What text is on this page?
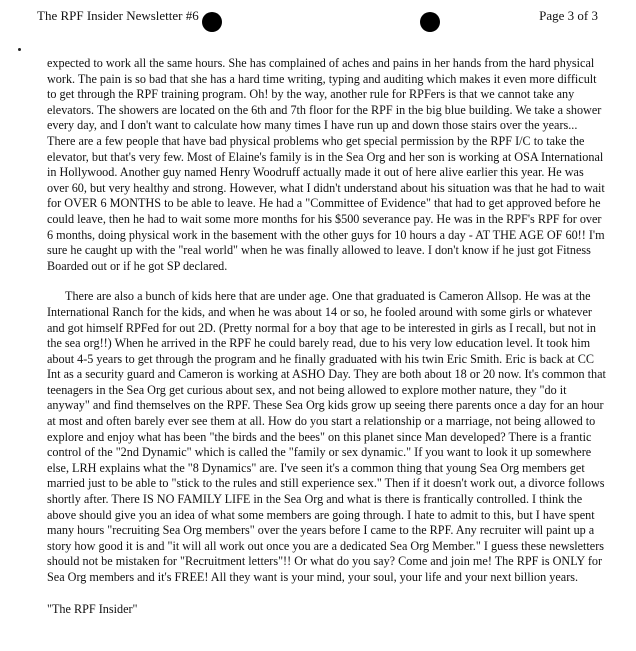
The RPF Insider Newsletter #6	Page 3 of 3

expected to work all the same hours. She has complained of aches and pains in her hands from the hard physical work. The pain is so bad that she has a hard time writing, typing and auditing which makes it even more difficult to get through the RPF training program. Oh! by the way, another rule for RPFers is that we cannot take any elevators. The showers are located on the 6th and 7th floor for the RPF in the big blue building. We take a shower every day, and I don't want to calculate how many times I have run up and down those stairs over the years... There are a few people that have bad physical problems who get special permission by the RPF I/C to take the elevator, but that's very few. Most of Elaine's family is in the Sea Org and her son is working at OSA International in Hollywood. Another guy named Henry Woodruff actually made it out of here alive earlier this year. He was over 60, but very healthy and strong. However, what I didn't understand about his situation was that he had to wait for OVER 6 MONTHS to be able to leave. He had a "Committee of Evidence" that had to get approved before he could leave, then he had to wait some more months for his $500 severance pay. He was in the RPF's RPF for over 6 months, doing physical work in the basement with the other guys for 10 hours a day - AT THE AGE OF 60!! I'm sure he caught up with the "real world" when he was finally allowed to leave. I don't know if he just got Fitness Boarded out or if he got SP declared.

There are also a bunch of kids here that are under age. One that graduated is Cameron Allsop. He was at the International Ranch for the kids, and when he was about 14 or so, he fooled around with some girls or whatever and got himself RPFed for out 2D. (Pretty normal for a boy that age to be interested in girls as I recall, but not in the sea org!!) When he arrived in the RPF he could barely read, due to his very low education level. It took him about 4-5 years to get through the program and he finally graduated with his twin Eric Smith. Eric is back at CC Int as a security guard and Cameron is working at ASHO Day. They are both about 18 or 20 now. It's common that teenagers in the Sea Org get curious about sex, and not being allowed to explore mother nature, they "do it anyway" and find themselves on the RPF. These Sea Org kids grow up seeing there parents once a day for an hour at most and often barely ever see them at all. How do you start a relationship or a marriage, not being allowed to explore and enjoy what has been "the birds and the bees" on this planet since Man developed? There is a frantic control of the "2nd Dynamic" which is called the "family or sex dynamic." If you want to look it up somewhere else, LRH explains what the "8 Dynamics" are. I've seen it's a common thing that young Sea Org members get married just to be able to "stick to the rules and still experience sex." Then if it doesn't work out, a divorce follows shortly after. There IS NO FAMILY LIFE in the Sea Org and what is there is frantically controlled. I think the above should give you an idea of what some members are going through. I hate to admit to this, but I have spent many hours "recruiting Sea Org members" over the years before I came to the RPF. Any recruiter will paint up a story how good it is and "it will all work out once you are a dedicated Sea Org Member." I guess these newsletters should not be mistaken for "Recruitment letters"!! Or what do you say? Come and join me! The RPF is ONLY for Sea Org members and it's FREE! All they want is your mind, your soul, your life and your next billion years.

"The RPF Insider"
